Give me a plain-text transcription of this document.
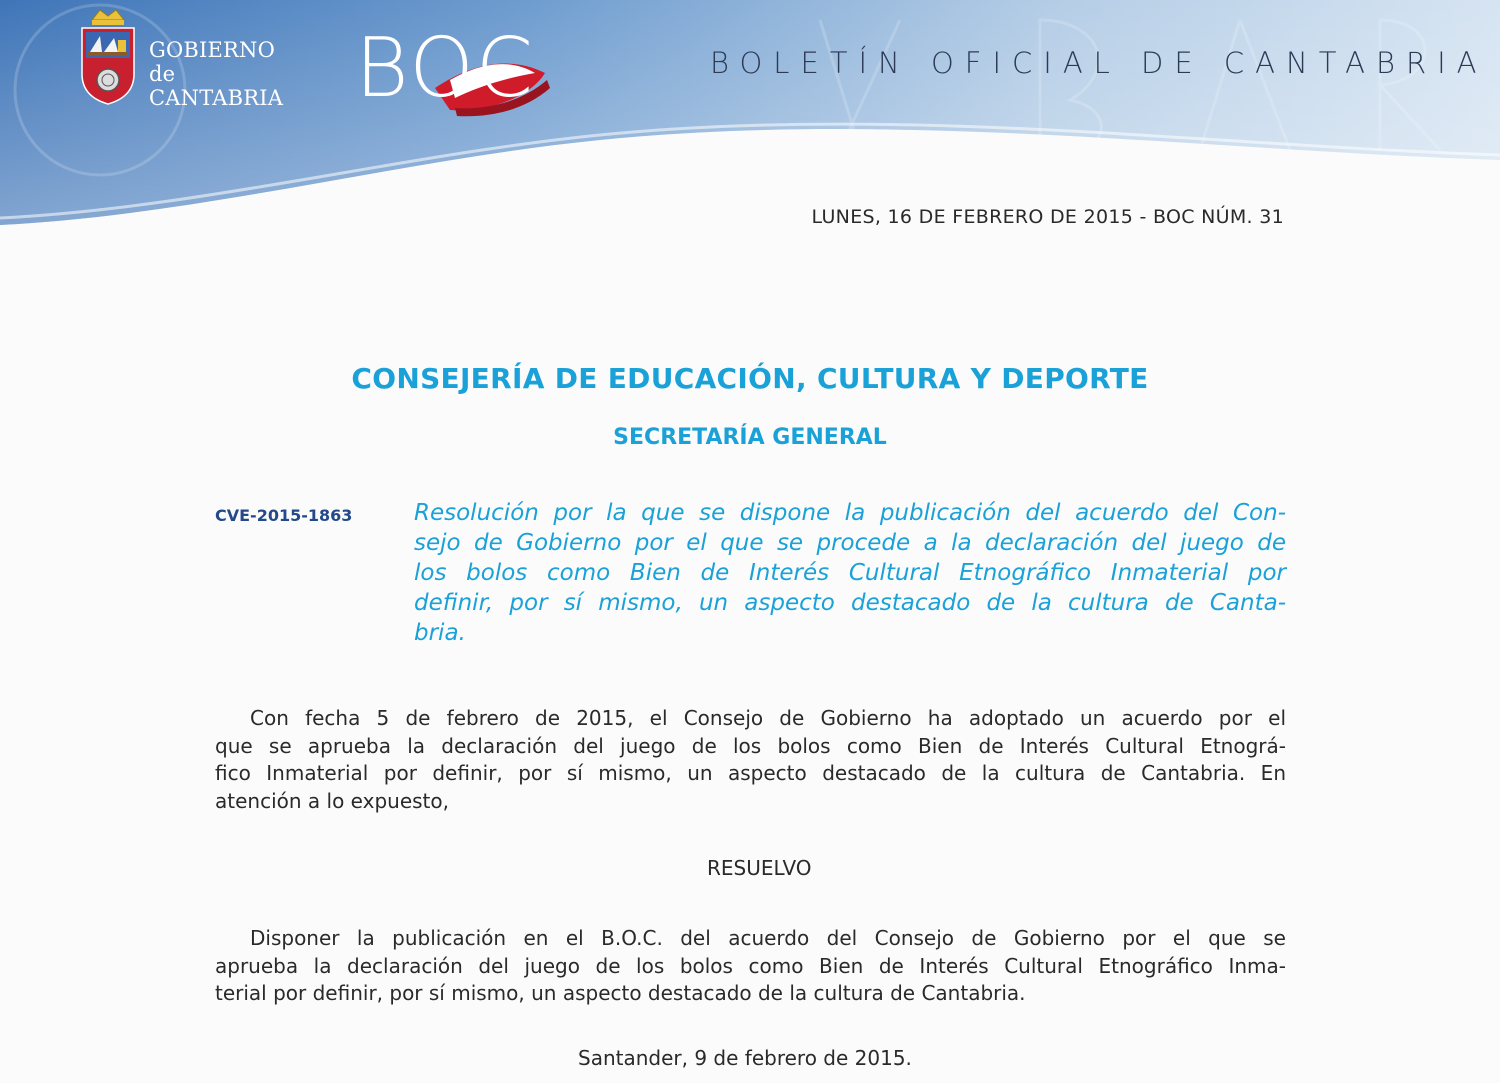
GOBIERNO
de
CANTABRIA BOC	BOLETÍN OFICIAL DE CANTABRIA
LUNES, 16 DE FEBRERO DE 2015 - BOC NÚM. 31
CONSEJERÍA DE EDUCACIÓN, CULTURA Y DEPORTE
SECRETARÍA GENERAL
CVE-2015-1863	Resolución por la que se dispone la publicación del acuerdo del Con-
sejo de Gobierno por el que se procede a la declaración del juego de
los bolos como Bien de Interés Cultural Etnográfico Inmaterial por
definir, por sí mismo, un aspecto destacado de la cultura de Canta-
bria.
Con fecha 5 de febrero de 2015, el Consejo de Gobierno ha adoptado un acuerdo por el
que se aprueba la declaración del juego de los bolos como Bien de Interés Cultural Etnográ-
fico Inmaterial por definir, por sí mismo, un aspecto destacado de la cultura de Cantabria. En
atención a lo expuesto,
RESUELVO
Disponer la publicación en el B.O.C. del acuerdo del Consejo de Gobierno por el que se
aprueba la declaración del juego de los bolos como Bien de Interés Cultural Etnográfico Inma-
terial por definir, por sí mismo, un aspecto destacado de la cultura de Cantabria.
Santander, 9 de febrero de 2015.
